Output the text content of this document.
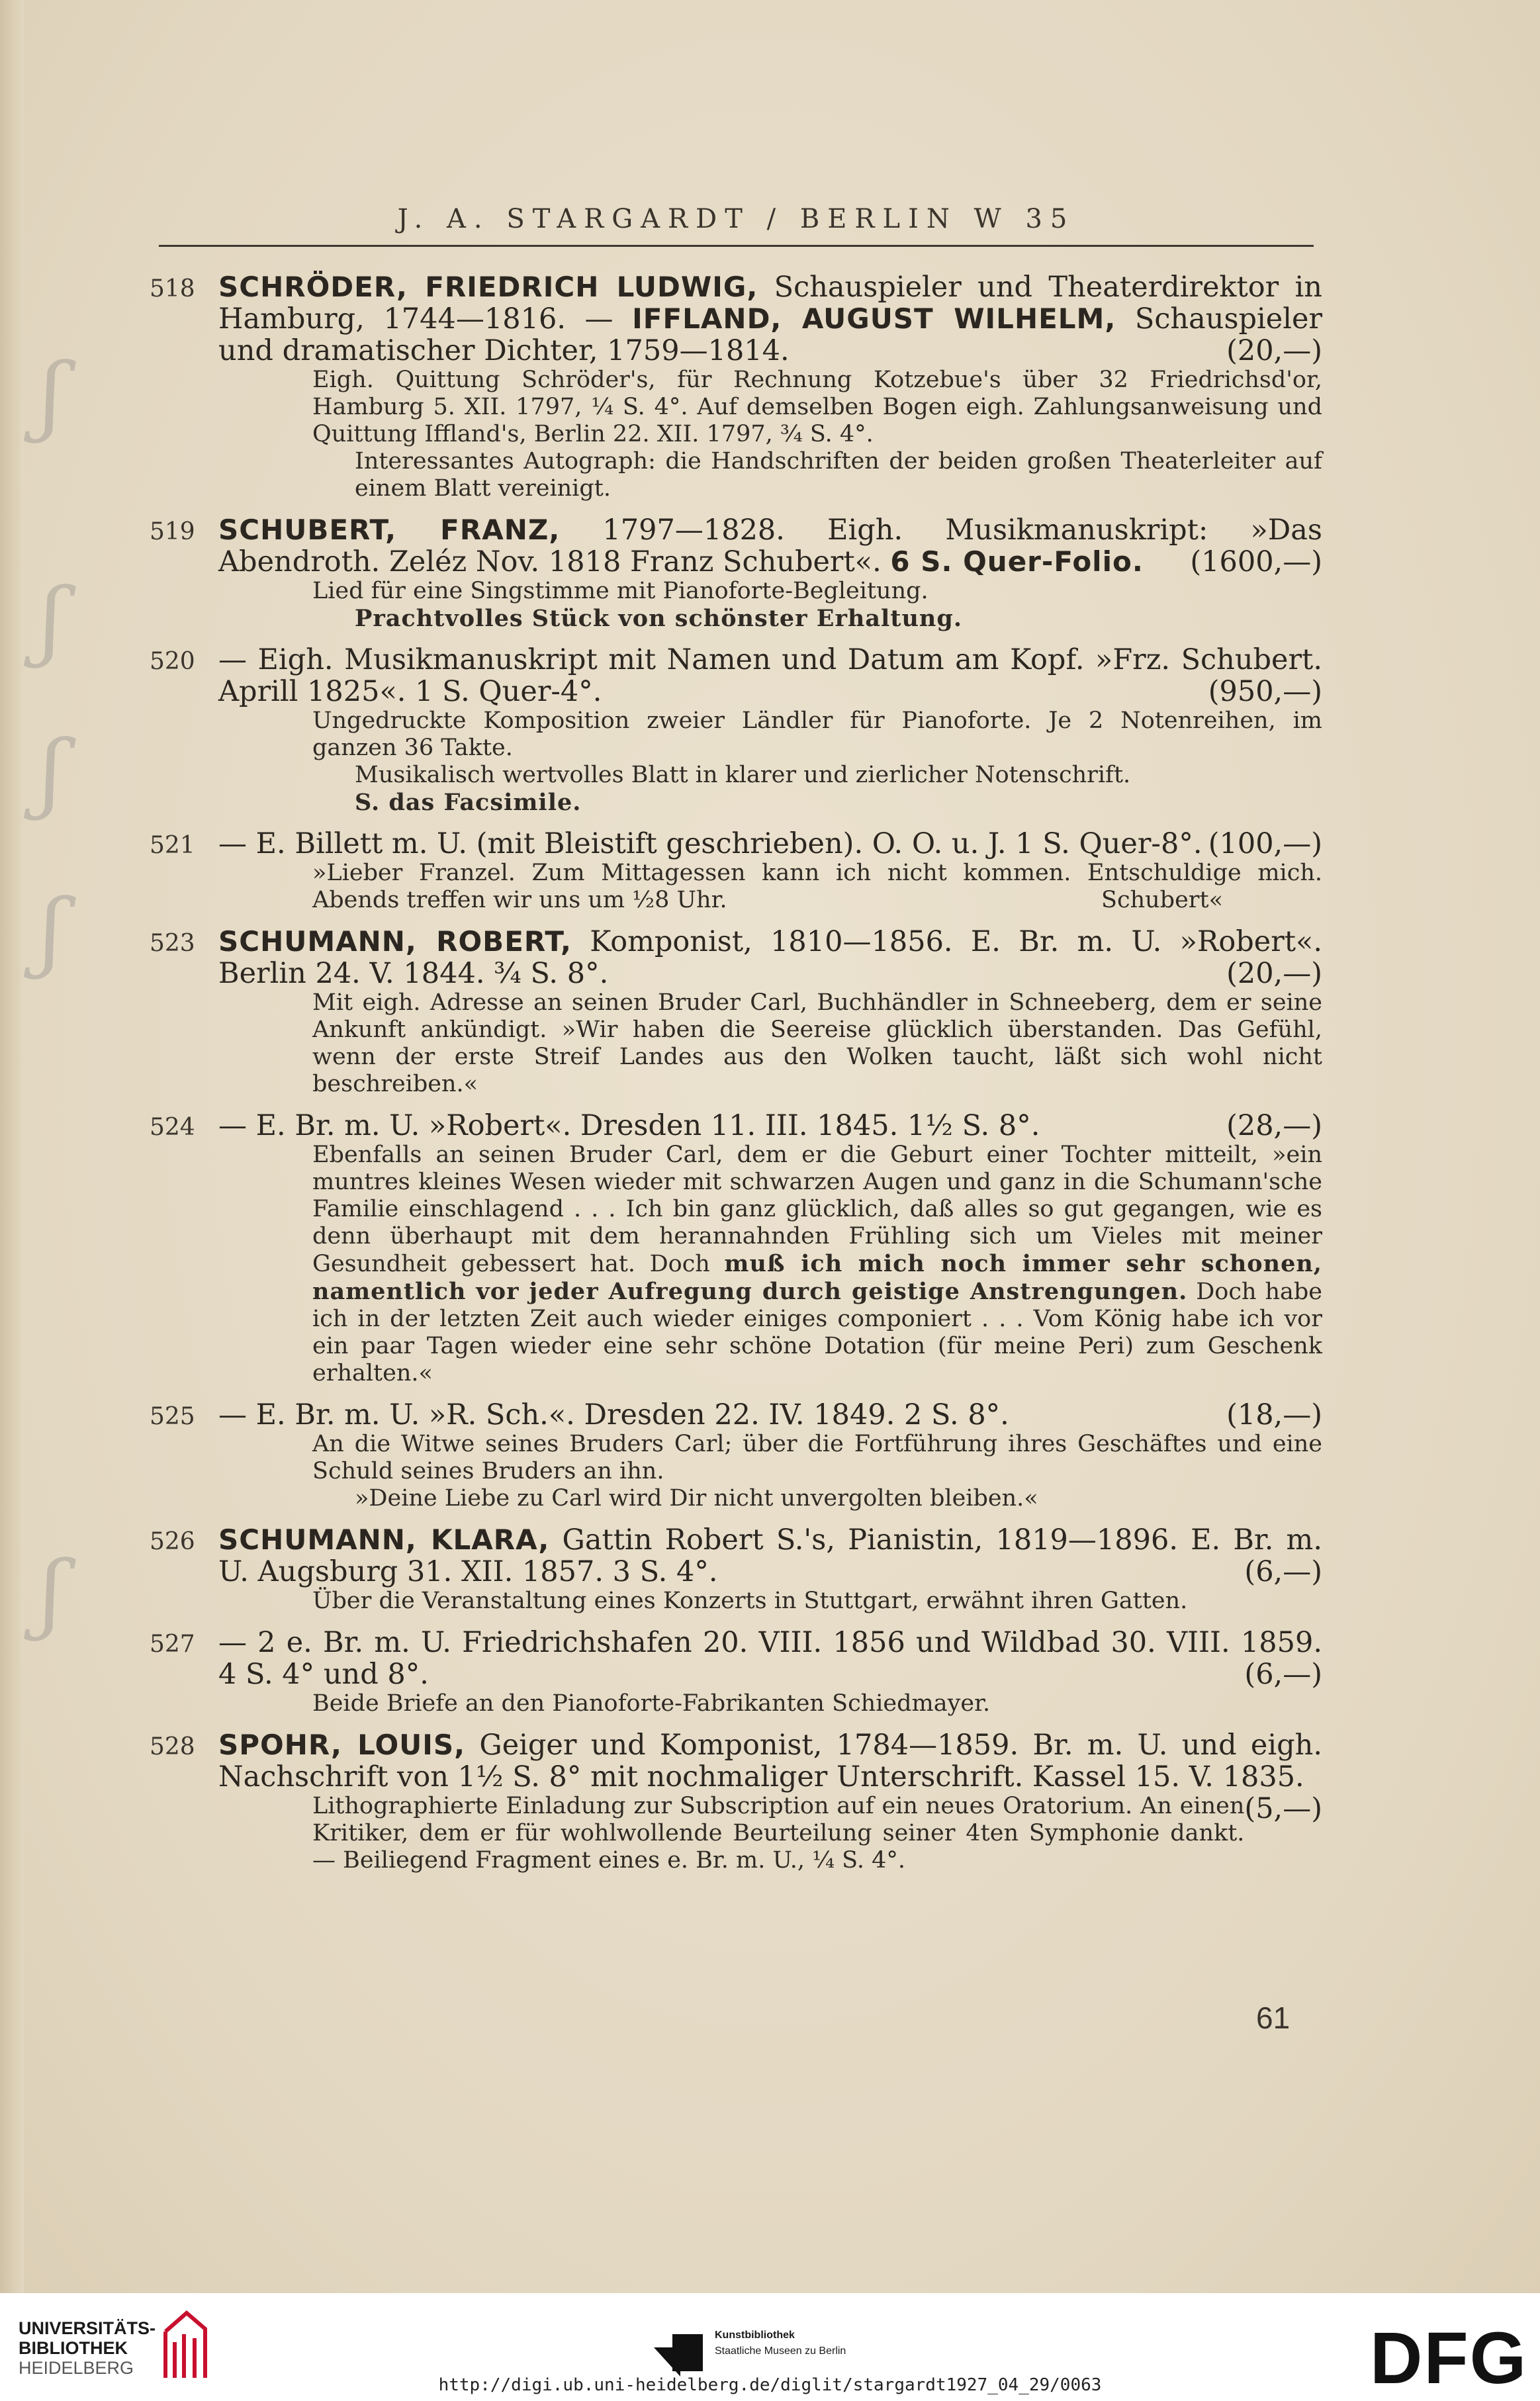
ʃ
ʃ
ʃ
ʃ
ʃ
J. A. STARGARDT / BERLIN W 35
518 SCHRÖDER, FRIEDRICH LUDWIG, Schauspieler und Theaterdirektor in Hamburg, 1744—1816. — IFFLAND, AUGUST WILHELM, Schauspieler und dramatischer Dichter, 1759—1814.	(20,—)
Eigh. Quittung Schröder's, für Rechnung Kotzebue's über 32 Friedrichsd'or, Hamburg 5. XII. 1797, ¼ S. 4°. Auf demselben Bogen eigh. Zahlungsanweisung und Quittung Iffland's, Berlin 22. XII. 1797, ¾ S. 4°.
Interessantes Autograph: die Handschriften der beiden großen Theaterleiter auf einem Blatt vereinigt.
519 SCHUBERT, FRANZ, 1797—1828. Eigh. Musikmanuskript: »Das Abendroth. Zeléz Nov. 1818 Franz Schubert«. 6 S. Quer-Folio. (1600,—)
Lied für eine Singstimme mit Pianoforte-Begleitung.
Prachtvolles Stück von schönster Erhaltung.
520 — Eigh. Musikmanuskript mit Namen und Datum am Kopf. »Frz. Schubert. Aprill 1825«. 1 S. Quer-4°.	(950,—)
Ungedruckte Komposition zweier Ländler für Pianoforte. Je 2 Notenreihen, im ganzen 36 Takte.
Musikalisch wertvolles Blatt in klarer und zierlicher Notenschrift.
S. das Facsimile.
521 — E. Billett m. U. (mit Bleistift geschrieben). O. O. u. J. 1 S. Quer-8°. (100,—)
»Lieber Franzel. Zum Mittagessen kann ich nicht kommen. Entschuldige mich. Abends treffen wir uns um ½8 Uhr.	Schubert«
523 SCHUMANN, ROBERT, Komponist, 1810—1856. E. Br. m. U. »Robert«. Berlin 24. V. 1844. ¾ S. 8°.	(20,—)
Mit eigh. Adresse an seinen Bruder Carl, Buchhändler in Schneeberg, dem er seine Ankunft ankündigt. »Wir haben die Seereise glücklich überstanden. Das Gefühl, wenn der erste Streif Landes aus den Wolken taucht, läßt sich wohl nicht beschreiben.«
524 — E. Br. m. U. »Robert«. Dresden 11. III. 1845. 1½ S. 8°.	(28,—)
Ebenfalls an seinen Bruder Carl, dem er die Geburt einer Tochter mitteilt, »ein muntres kleines Wesen wieder mit schwarzen Augen und ganz in die Schumann'sche Familie einschlagend . . . Ich bin ganz glücklich, daß alles so gut gegangen, wie es denn überhaupt mit dem herannahnden Frühling sich um Vieles mit meiner Gesundheit gebessert hat. Doch muß ich mich noch immer sehr schonen, namentlich vor jeder Aufregung durch geistige Anstrengungen. Doch habe ich in der letzten Zeit auch wieder einiges componiert . . . Vom König habe ich vor ein paar Tagen wieder eine sehr schöne Dotation (für meine Peri) zum Geschenk erhalten.«
525 — E. Br. m. U. »R. Sch.«. Dresden 22. IV. 1849. 2 S. 8°.	(18,—)
An die Witwe seines Bruders Carl; über die Fortführung ihres Geschäftes und eine Schuld seines Bruders an ihn.
»Deine Liebe zu Carl wird Dir nicht unvergolten bleiben.«
526 SCHUMANN, KLARA, Gattin Robert S.'s, Pianistin, 1819—1896. E. Br. m. U. Augsburg 31. XII. 1857. 3 S. 4°.	(6,—)
Über die Veranstaltung eines Konzerts in Stuttgart, erwähnt ihren Gatten.
527 — 2 e. Br. m. U. Friedrichshafen 20. VIII. 1856 und Wildbad 30. VIII. 1859. 4 S. 4° und 8°.	(6,—)
Beide Briefe an den Pianoforte-Fabrikanten Schiedmayer.
528 SPOHR, LOUIS, Geiger und Komponist, 1784—1859. Br. m. U. und eigh. Nachschrift von 1½ S. 8° mit nochmaliger Unterschrift. Kassel 15. V. 1835.
(5,—)
Lithographierte Einladung zur Subscription auf ein neues Oratorium. An einen Kritiker, dem er für wohlwollende Beurteilung seiner 4ten Symphonie dankt. — Beiliegend Fragment eines e. Br. m. U., ¼ S. 4°.
61
UNIVERSITÄTS-
BIBLIOTHEK
HEIDELBERG
Kunstbibliothek
Staatliche Museen zu Berlin	DFG
http://digi.ub.uni-heidelberg.de/diglit/stargardt1927_04_29/0063
